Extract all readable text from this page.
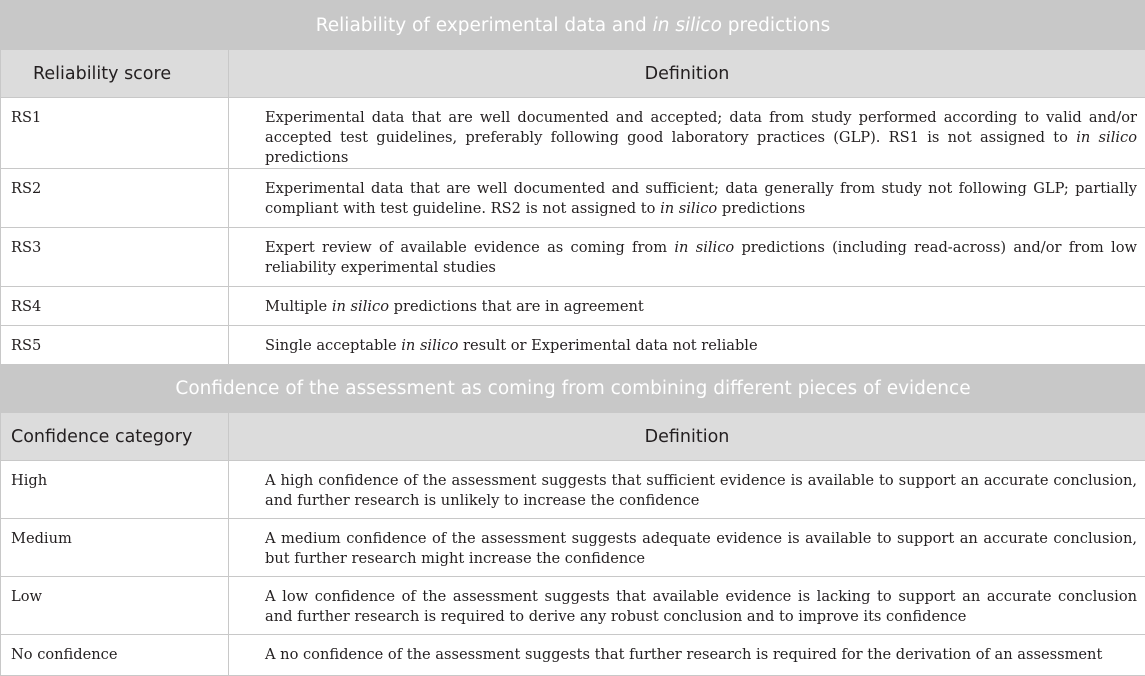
Reliability of experimental data and in silico predictions	
Reliability score	Definition
RS1	Experimental data that are well documented and accepted; data from study performed according to valid and/or accepted test guidelines, preferably following good laboratory practices (GLP). RS1 is not assigned to in silico predictions
RS2	Experimental data that are well documented and sufficient; data generally from study not following GLP; partially compliant with test guideline. RS2 is not assigned to in silico predictions
RS3	Expert review of available evidence as coming from in silico predictions (including read-across) and/or from low reliability experimental studies
RS4	Multiple in silico predictions that are in agreement
RS5	Single acceptable in silico result or Experimental data not reliable
Confidence of the assessment as coming from combining different pieces of evidence	
Confidence category	Definition
High	A high confidence of the assessment suggests that sufficient evidence is available to support an accurate conclusion, and further research is unlikely to increase the confidence
Medium	A medium confidence of the assessment suggests adequate evidence is available to support an accurate conclusion, but further research might increase the confidence
Low	A low confidence of the assessment suggests that available evidence is lacking to support an accurate conclusion and further research is required to derive any robust conclusion and to improve its confidence
No confidence	A no confidence of the assessment suggests that further research is required for the derivation of an assessment
